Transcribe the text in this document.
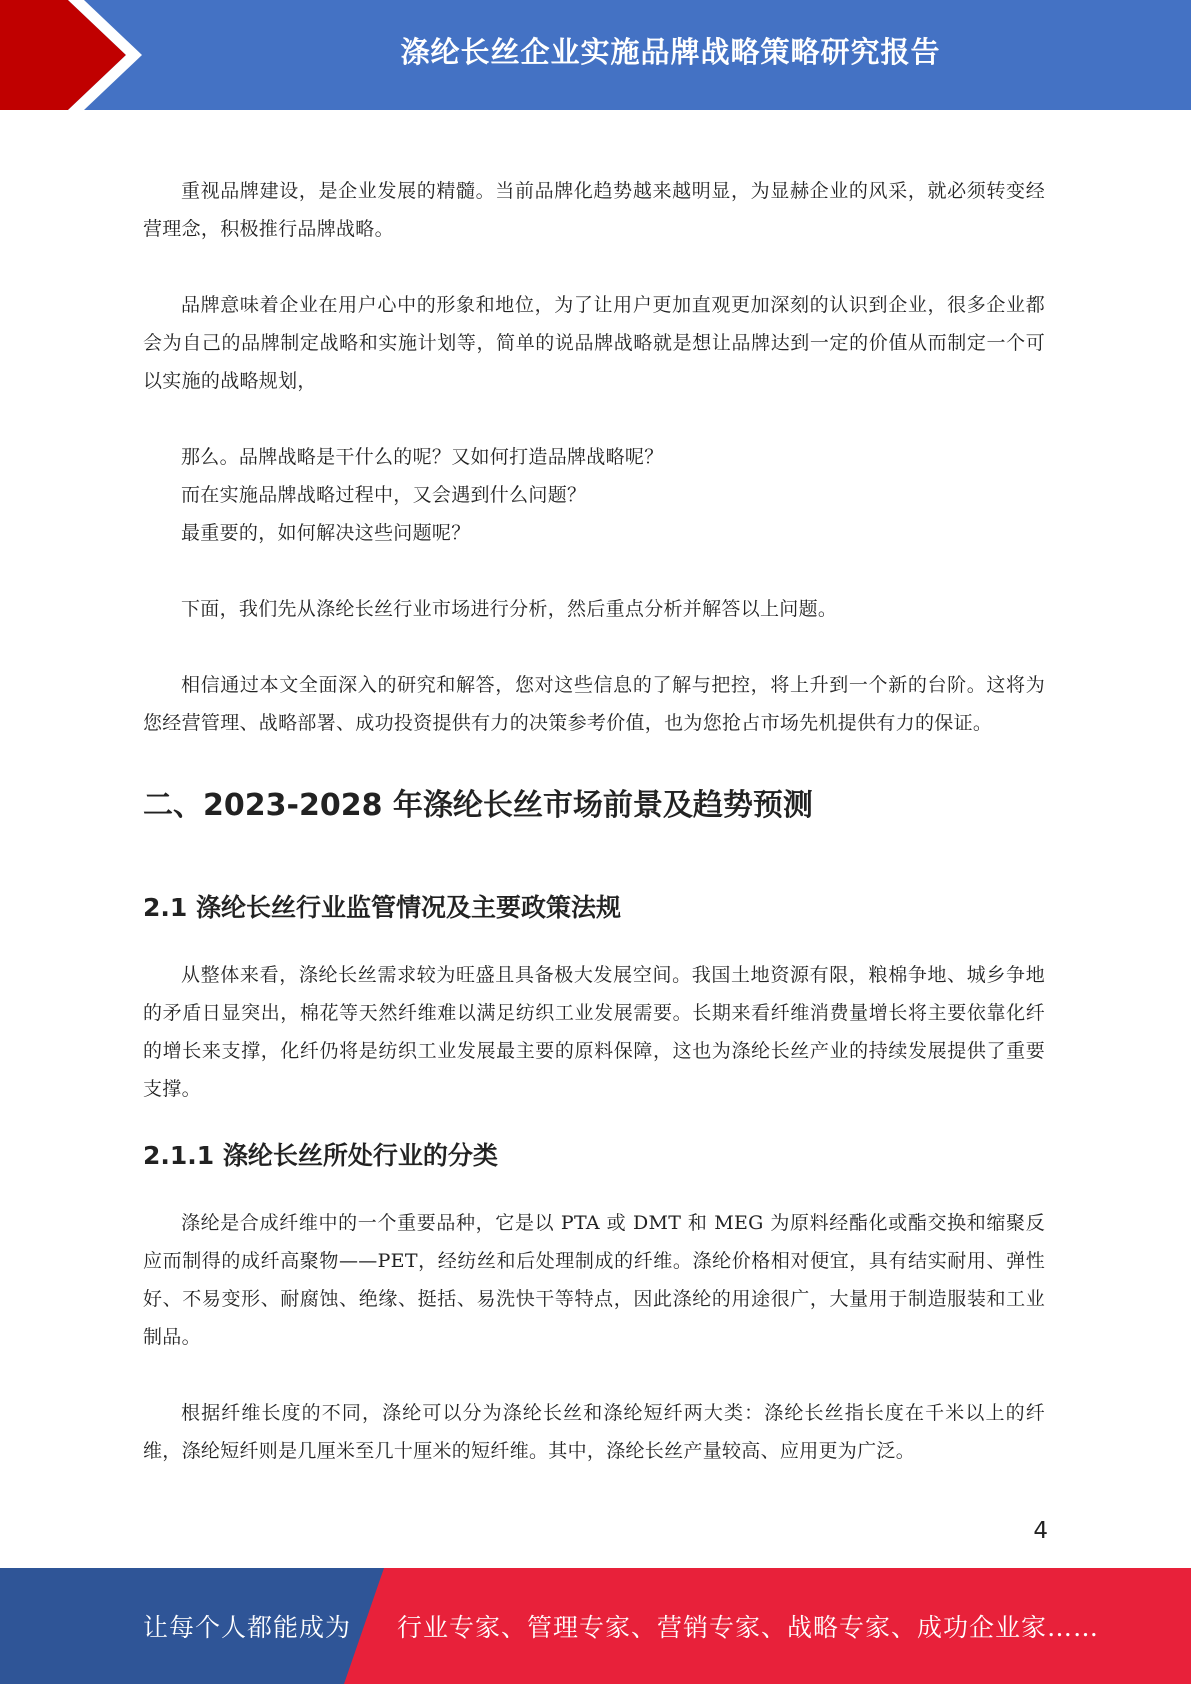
涤纶长丝企业实施品牌战略策略研究报告

重视品牌建设，是企业发展的精髓。当前品牌化趋势越来越明显，为显赫企业的风采，就必须转变经营理念，积极推行品牌战略。

品牌意味着企业在用户心中的形象和地位，为了让用户更加直观更加深刻的认识到企业，很多企业都会为自己的品牌制定战略和实施计划等，简单的说品牌战略就是想让品牌达到一定的价值从而制定一个可以实施的战略规划，

那么。品牌战略是干什么的呢？又如何打造品牌战略呢？

而在实施品牌战略过程中，又会遇到什么问题？

最重要的，如何解决这些问题呢？

下面，我们先从涤纶长丝行业市场进行分析，然后重点分析并解答以上问题。

相信通过本文全面深入的研究和解答，您对这些信息的了解与把控，将上升到一个新的台阶。这将为您经营管理、战略部署、成功投资提供有力的决策参考价值，也为您抢占市场先机提供有力的保证。

二、2023-2028 年涤纶长丝市场前景及趋势预测
2.1 涤纶长丝行业监管情况及主要政策法规

从整体来看，涤纶长丝需求较为旺盛且具备极大发展空间。我国土地资源有限，粮棉争地、城乡争地的矛盾日显突出，棉花等天然纤维难以满足纺织工业发展需要。长期来看纤维消费量增长将主要依靠化纤的增长来支撑，化纤仍将是纺织工业发展最主要的原料保障，这也为涤纶长丝产业的持续发展提供了重要支撑。

2.1.1 涤纶长丝所处行业的分类

涤纶是合成纤维中的一个重要品种，它是以 PTA 或 DMT 和 MEG 为原料经酯化或酯交换和缩聚反应而制得的成纤高聚物——PET，经纺丝和后处理制成的纤维。涤纶价格相对便宜，具有结实耐用、弹性好、不易变形、耐腐蚀、绝缘、挺括、易洗快干等特点，因此涤纶的用途很广，大量用于制造服装和工业制品。

根据纤维长度的不同，涤纶可以分为涤纶长丝和涤纶短纤两大类：涤纶长丝指长度在千米以上的纤维，涤纶短纤则是几厘米至几十厘米的短纤维。其中，涤纶长丝产量较高、应用更为广泛。

4
让每个人都能成为 行业专家、管理专家、营销专家、战略专家、成功企业家……
